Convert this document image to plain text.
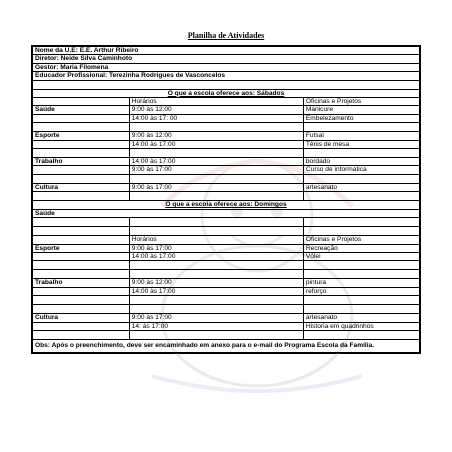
Planilha de Atividades
Nome da U.E: E.E. Arthur Ribeiro		
Diretor: Neide Silva Caminhoto		
Gestor: Maria Filomena		
Educador Profissional: Terezinha Rodrigues de Vasconcelos		

O que a escola oferece aos: Sábados		
	Horários	Oficinas e Projetos
Saúde	9:00 às 12:00	Manicure
	14:00 às 17: 00	Embelezamento

Esporte	9:00 às 12:00	Futsal
	14:00 às 17:00	Tênis de mesa

Trabalho	14:00 às 17:00	bordado
	9:00 às 17:00	Curso de informatica

Cultura	9:00 às 17:00	artesanato

O que a escola oferece aos: Domingos		
Saúde		

	Horários	Oficinas e Projetos
Esporte	9:00 às 17:00	Recreação
	14:00 às 17:00	Vôlei

Trabalho	9:00 às 12:00	pintura
	14:00 às 17:00	reforço

Cultura	9:00 às 17:00	artesanato
	14: às 17:00	Historia em quadrinhos

Obs: Após o preenchimento, deve ser encaminhado em anexo para o e-mail do Programa Escola da Família.		
